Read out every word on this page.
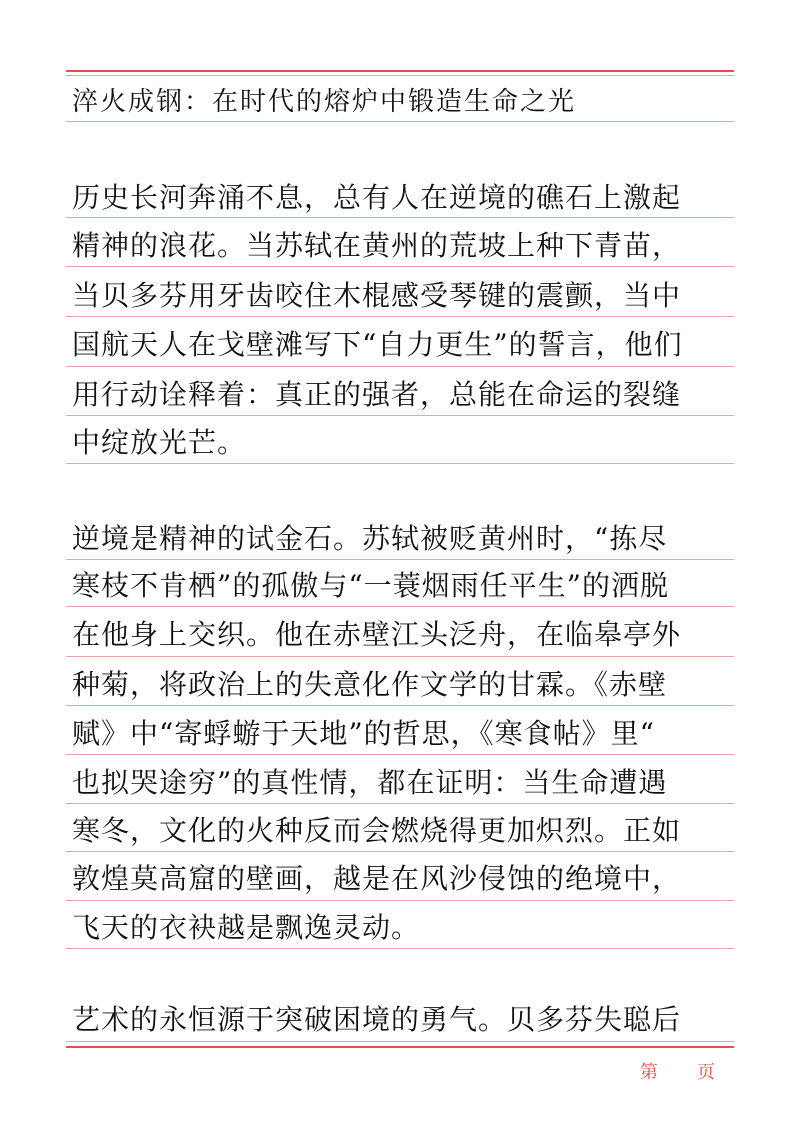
淬火成钢：在时代的熔炉中锻造生命之光
历史长河奔涌不息，总有人在逆境的礁石上激起
精神的浪花。当苏轼在黄州的荒坡上种下青苗，
当贝多芬用牙齿咬住木棍感受琴键的震颤，当中
国航天人在戈壁滩写下“自力更生”的誓言，他们
用行动诠释着：真正的强者，总能在命运的裂缝
中绽放光芒。
逆境是精神的试金石。苏轼被贬黄州时，“拣尽
寒枝不肯栖”的孤傲与“一蓑烟雨任平生”的洒脱
在他身上交织。他在赤壁江头泛舟，在临皋亭外
种菊，将政治上的失意化作文学的甘霖。《赤壁
赋》中“寄蜉蝣于天地”的哲思，《寒食帖》里“
也拟哭途穷”的真性情，都在证明：当生命遭遇
寒冬，文化的火种反而会燃烧得更加炽烈。正如
敦煌莫高窟的壁画，越是在风沙侵蚀的绝境中，
飞天的衣袂越是飘逸灵动。
艺术的永恒源于突破困境的勇气。贝多芬失聪后
第 页
